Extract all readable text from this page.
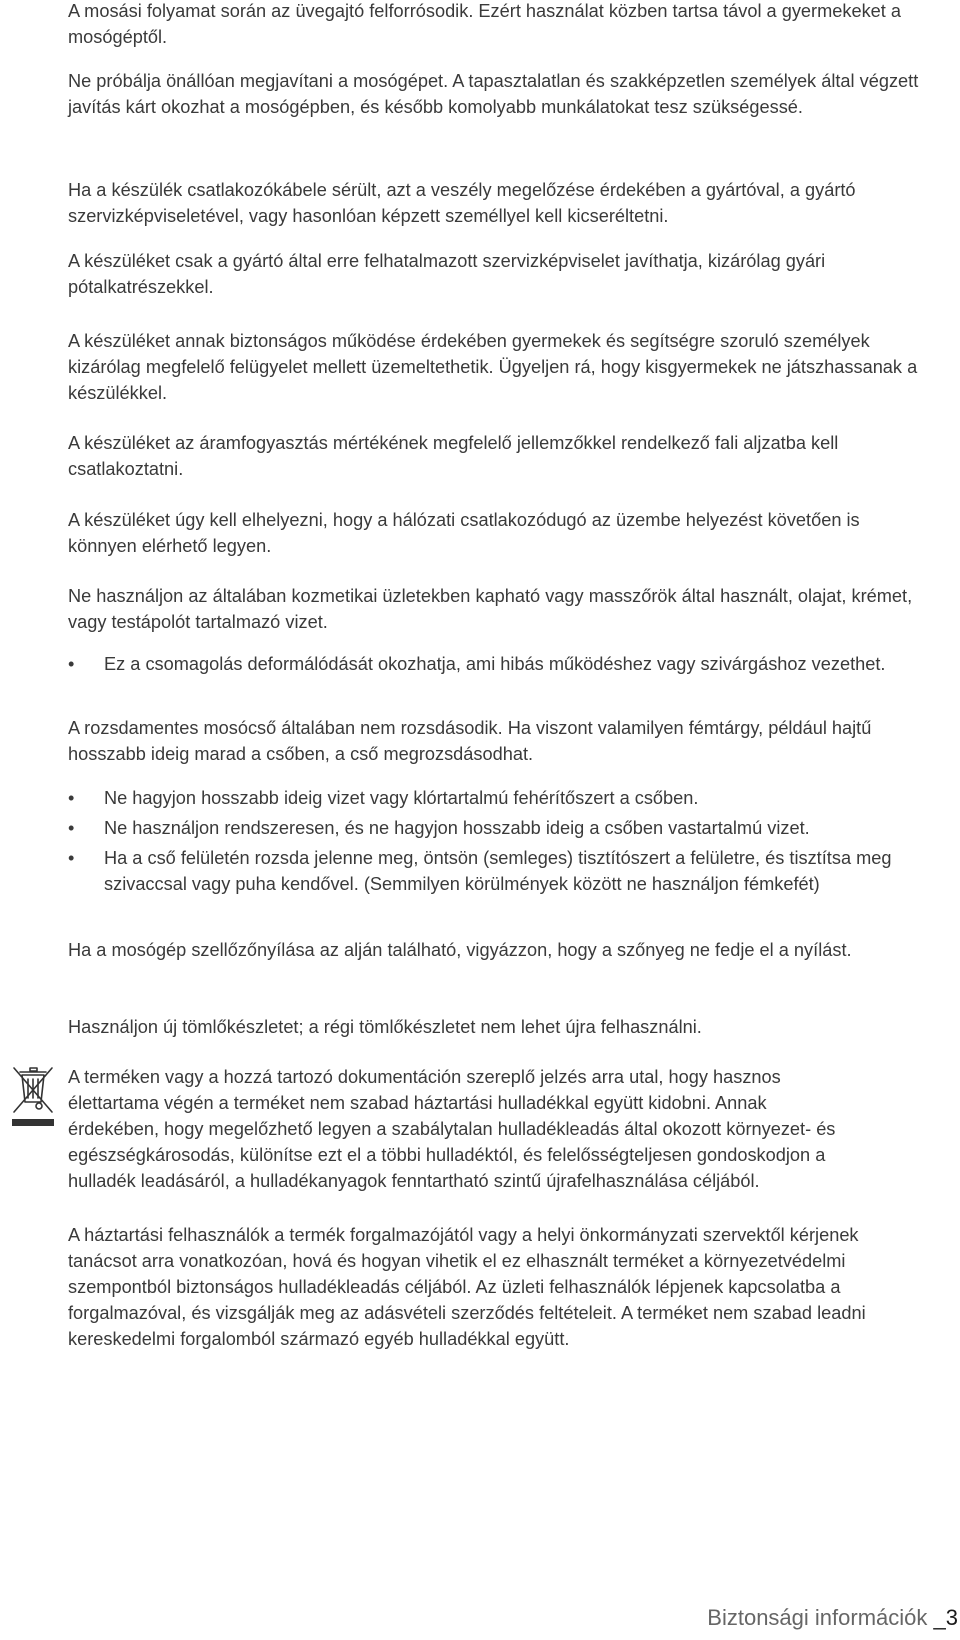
A mosási folyamat során az üvegajtó felforrósodik. Ezért használat közben tartsa távol a gyermekeket a mosógéptől.

Ne próbálja önállóan megjavítani a mosógépet. A tapasztalatlan és szakképzetlen személyek által végzett javítás kárt okozhat a mosógépben, és később komolyabb munkálatokat tesz szükségessé.

Ha a készülék csatlakozókábele sérült, azt a veszély megelőzése érdekében a gyártóval, a gyártó szervizképviseletével, vagy hasonlóan képzett személlyel kell kicseréltetni.

A készüléket csak a gyártó által erre felhatalmazott szervizképviselet javíthatja, kizárólag gyári pótalkatrészekkel.

A készüléket annak biztonságos működése érdekében gyermekek és segítségre szoruló személyek kizárólag megfelelő felügyelet mellett üzemeltethetik. Ügyeljen rá, hogy kisgyermekek ne játszhassanak a készülékkel.

A készüléket az áramfogyasztás mértékének megfelelő jellemzőkkel rendelkező fali aljzatba kell csatlakoztatni.

A készüléket úgy kell elhelyezni, hogy a hálózati csatlakozódugó az üzembe helyezést követően is könnyen elérhető legyen.

Ne használjon az általában kozmetikai üzletekben kapható vagy masszőrök által használt, olajat, krémet, vagy testápolót tartalmazó vizet.

• Ez a csomagolás deformálódását okozhatja, ami hibás működéshez vagy szivárgáshoz vezethet.

A rozsdamentes mosócső általában nem rozsdásodik. Ha viszont valamilyen fémtárgy, például hajtű hosszabb ideig marad a csőben, a cső megrozsdásodhat.

• Ne hagyjon hosszabb ideig vizet vagy klórtartalmú fehérítőszert a csőben.
• Ne használjon rendszeresen, és ne hagyjon hosszabb ideig a csőben vastartalmú vizet.
• Ha a cső felületén rozsda jelenne meg, öntsön (semleges) tisztítószert a felületre, és tisztítsa meg szivaccsal vagy puha kendővel. (Semmilyen körülmények között ne használjon fémkefét)

Ha a mosógép szellőzőnyílása az alján található, vigyázzon, hogy a szőnyeg ne fedje el a nyílást.

Használjon új tömlőkészletet; a régi tömlőkészletet nem lehet újra felhasználni.

A terméken vagy a hozzá tartozó dokumentáción szereplő jelzés arra utal, hogy hasznos élettartama végén a terméket nem szabad háztartási hulladékkal együtt kidobni. Annak érdekében, hogy megelőzhető legyen a szabálytalan hulladékleadás által okozott környezet- és egészségkárosodás, különítse ezt el a többi hulladéktól, és felelősségteljesen gondoskodjon a hulladék leadásáról, a hulladékanyagok fenntartható szintű újrafelhasználása céljából.

A háztartási felhasználók a termék forgalmazójától vagy a helyi önkormányzati szervektől kérjenek tanácsot arra vonatkozóan, hová és hogyan vihetik el ez elhasznált terméket a környezetvédelmi szempontból biztonságos hulladékleadás céljából. Az üzleti felhasználók lépjenek kapcsolatba a forgalmazóval, és vizsgálják meg az adásvételi szerződés feltételeit. A terméket nem szabad leadni kereskedelmi forgalomból származó egyéb hulladékkal együtt.

Biztonsági információk _3
